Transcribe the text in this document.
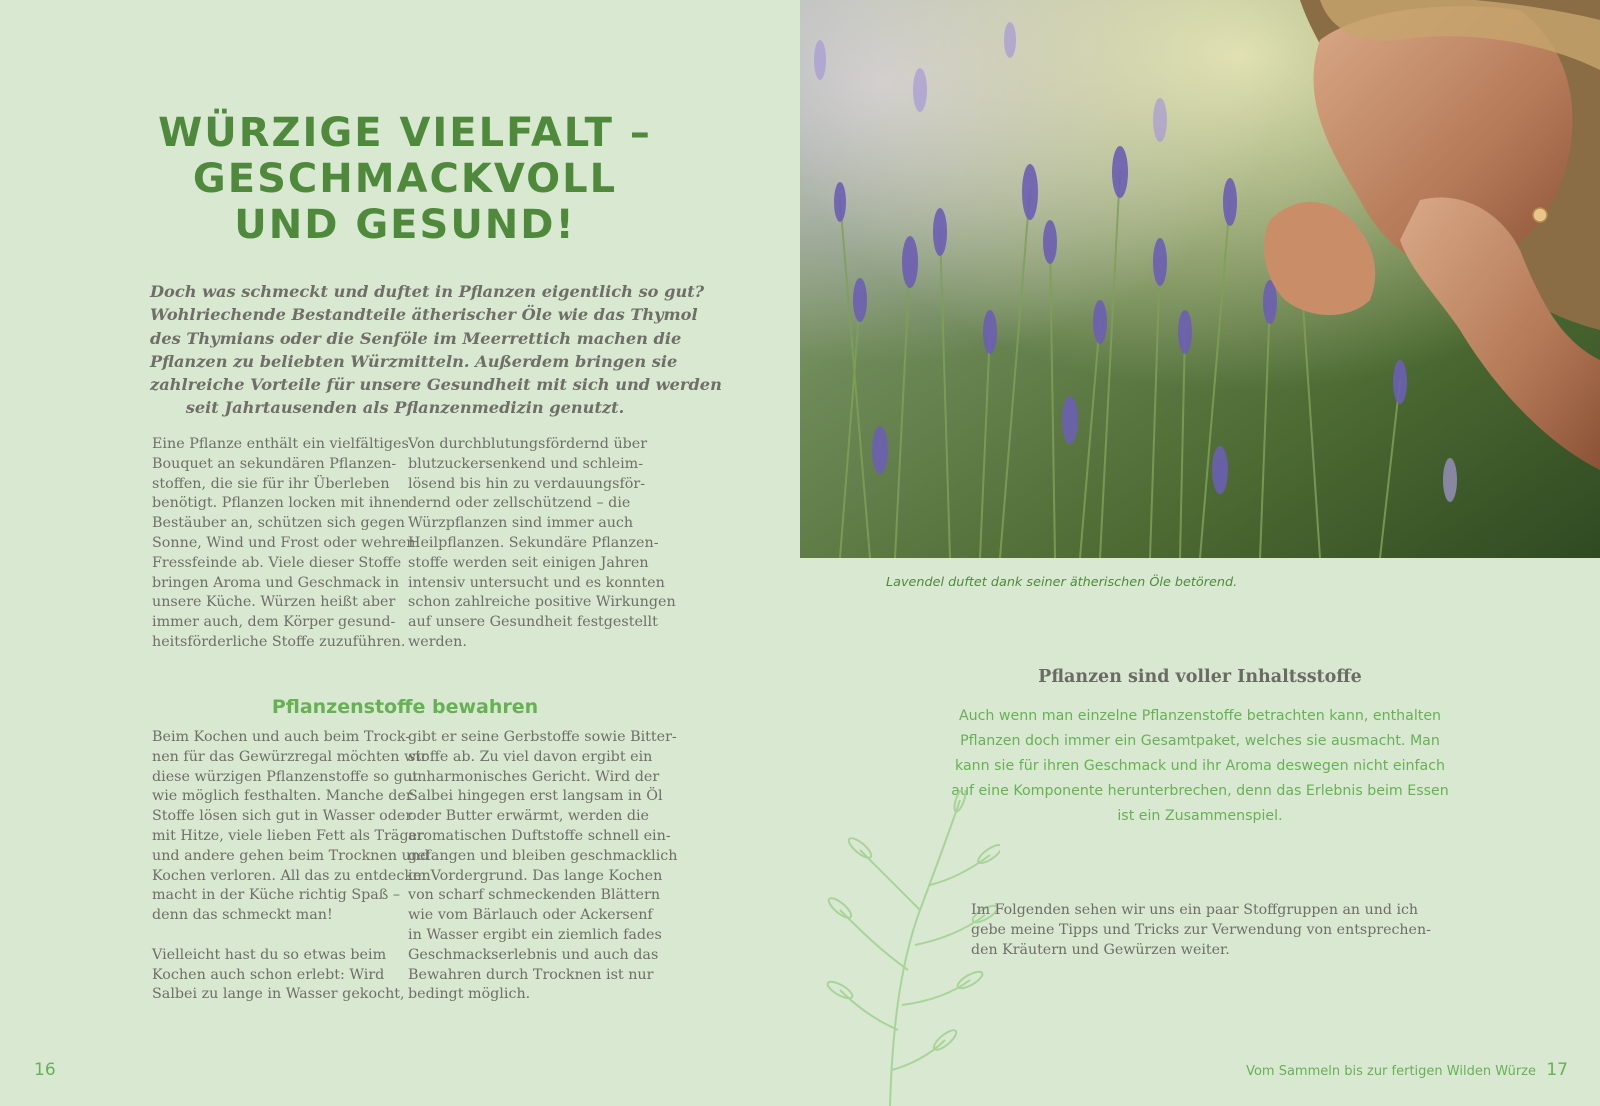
WÜRZIGE VIELFALT –
GESCHMACKVOLL
UND GESUND!

Doch was schmeckt und duftet in Pflanzen eigentlich so gut?
Wohlriechende Bestandteile ätherischer Öle wie das Thymol
des Thymians oder die Senföle im Meerrettich machen die
Pflanzen zu beliebten Würzmitteln. Außerdem bringen sie
zahlreiche Vorteile für unsere Gesundheit mit sich und werden
seit Jahrtausenden als Pflanzenmedizin genutzt.

Eine Pflanze enthält ein vielfältiges
Bouquet an sekundären Pflanzen-
stoffen, die sie für ihr Überleben
benötigt. Pflanzen locken mit ihnen
Bestäuber an, schützen sich gegen
Sonne, Wind und Frost oder wehren
Fressfeinde ab. Viele dieser Stoffe
bringen Aroma und Geschmack in
unsere Küche. Würzen heißt aber
immer auch, dem Körper gesund-
heitsförderliche Stoffe zuzuführen.

Von durchblutungsfördernd über
blutzuckersenkend und schleim-
lösend bis hin zu verdauungsför-
dernd oder zellschützend – die
Würzpflanzen sind immer auch
Heilpflanzen. Sekundäre Pflanzen-
stoffe werden seit einigen Jahren
intensiv untersucht und es konnten
schon zahlreiche positive Wirkungen
auf unsere Gesundheit festgestellt
werden.

Pflanzenstoffe bewahren

Beim Kochen und auch beim Trock-
nen für das Gewürzregal möchten wir
diese würzigen Pflanzenstoffe so gut
wie möglich festhalten. Manche der
Stoffe lösen sich gut in Wasser oder
mit Hitze, viele lieben Fett als Träger
und andere gehen beim Trocknen und
Kochen verloren. All das zu entdecken
macht in der Küche richtig Spaß –
denn das schmeckt man!
Vielleicht hast du so etwas beim
Kochen auch schon erlebt: Wird
Salbei zu lange in Wasser gekocht,

gibt er seine Gerbstoffe sowie Bitter-
stoffe ab. Zu viel davon ergibt ein
unharmonisches Gericht. Wird der
Salbei hingegen erst langsam in Öl
oder Butter erwärmt, werden die
aromatischen Duftstoffe schnell ein-
gefangen und bleiben geschmacklich
im Vordergrund. Das lange Kochen
von scharf schmeckenden Blättern
wie vom Bärlauch oder Ackersenf
in Wasser ergibt ein ziemlich fades
Geschmackserlebnis und auch das
Bewahren durch Trocknen ist nur
bedingt möglich.

16
Lavendel duftet dank seiner ätherischen Öle betörend.
Pflanzen sind voller Inhaltsstoffe

Auch wenn man einzelne Pflanzenstoffe betrachten kann, enthalten
Pflanzen doch immer ein Gesamtpaket, welches sie ausmacht. Man
kann sie für ihren Geschmack und ihr Aroma deswegen nicht einfach
auf eine Komponente herunterbrechen, denn das Erlebnis beim Essen
ist ein Zusammenspiel.

Im Folgenden sehen wir uns ein paar Stoffgruppen an und ich
gebe meine Tipps und Tricks zur Verwendung von entsprechen-
den Kräutern und Gewürzen weiter.

Vom Sammeln bis zur fertigen Wilden Würze 17
